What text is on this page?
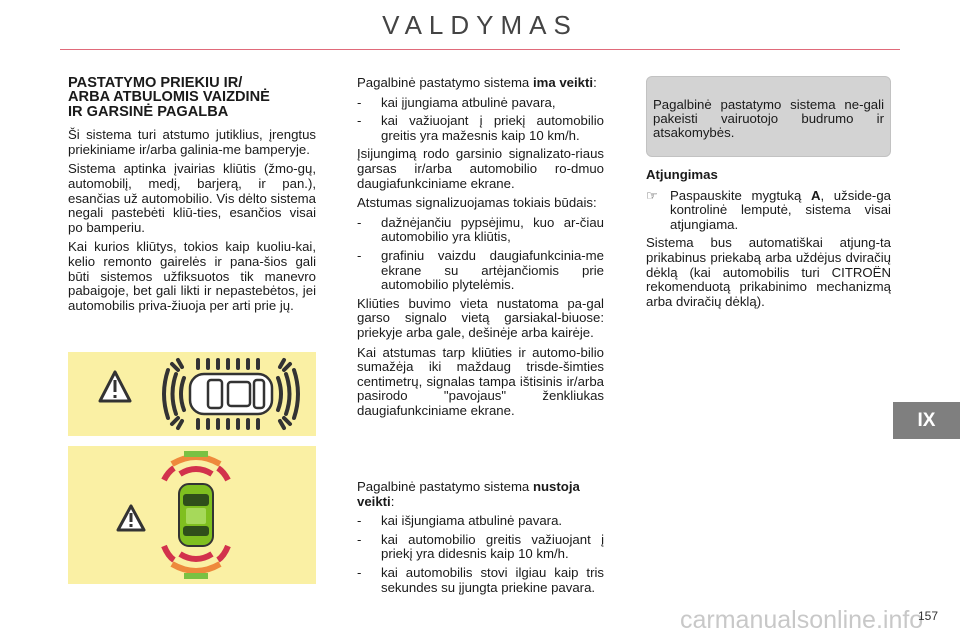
VALDYMAS
PASTATYMO PRIEKIU IR/
ARBA ATBULOMIS VAIZDINĖ
IR GARSINĖ PAGALBA

Ši sistema turi atstumo jutiklius, įrengtus priekiniame ir/arba galinia-me bamperyje.

Sistema aptinka įvairias kliūtis (žmo-gų, automobilį, medį, barjerą, ir pan.), esančias už automobilio. Vis dėlto sistema negali pastebėti kliū-ties, esančios visai po bamperiu.

Kai kurios kliūtys, tokios kaip kuoliu-kai, kelio remonto gairelės ir pana-šios gali būti sistemos užfiksuotos tik manevro pabaigoje, bet gali likti ir nepastebėtos, jei automobilis priva-žiuoja per arti prie jų.

Pagalbinė pastatymo sistema ima veikti:

-	kai įjungiama atbulinė pavara,
-	kai važiuojant į priekį automobilio greitis yra mažesnis kaip 10 km/h.

Įsijungimą rodo garsinio signalizato-riaus garsas ir/arba automobilio ro-dmuo daugiafunkciniame ekrane.

Atstumas signalizuojamas tokiais būdais:

-	dažnėjančiu pypsėjimu, kuo ar-čiau automobilio yra kliūtis,
-	grafiniu vaizdu daugiafunkcinia-me ekrane su artėjančiomis prie automobilio plytelėmis.

Kliūties buvimo vieta nustatoma pa-gal garso signalo vietą garsiakal-biuose: priekyje arba gale, dešinėje arba kairėje.

Kai atstumas tarp kliūties ir automo-bilio sumažėja iki maždaug trisde-šimties centimetrų, signalas tampa ištisinis ir/arba pasirodo "pavojaus" ženkliukas daugiafunkciniame ekrane.

Pagalbinė pastatymo sistema nustoja veikti:

-	kai išjungiama atbulinė pavara.
-	kai automobilio greitis važiuojant į priekį yra didesnis kaip 10 km/h.
-	kai automobilis stovi ilgiau kaip tris sekundes su įjungta priekine pavara.
Pagalbinė pastatymo sistema ne-gali pakeisti vairuotojo budrumo ir atsakomybės.
Atjungimas
☞ Paspauskite mygtuką A, užside-ga kontrolinė lemputė, sistema visai atjungiama.

Sistema bus automatiškai atjung-ta prikabinus priekabą arba uždėjus dviračių dėklą (kai automobilis turi CITROËN rekomenduotą prikabinimo mechanizmą arba dviračių dėklą).

IX
carmanualsonline.info
157
